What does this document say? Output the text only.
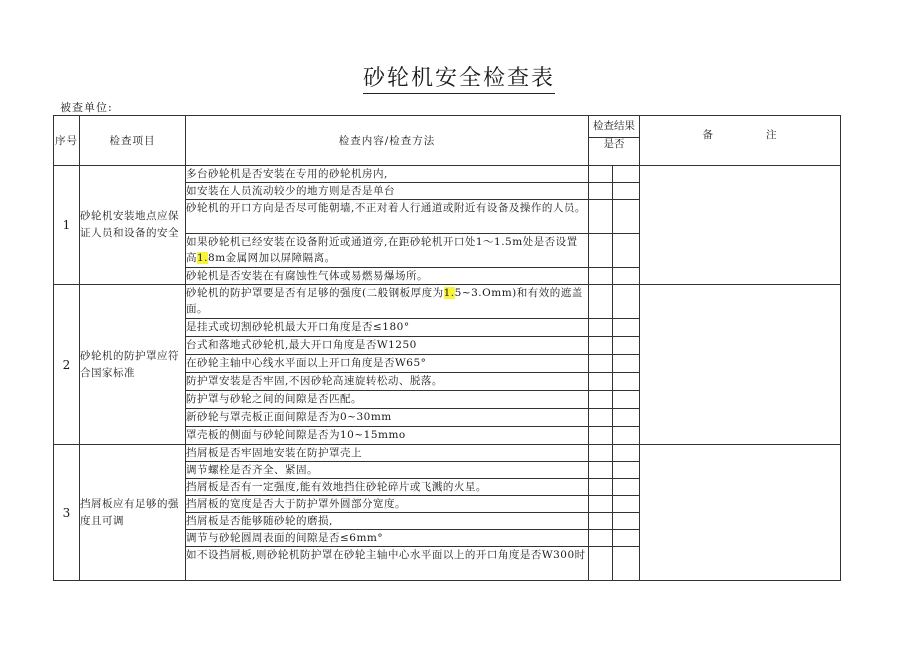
砂轮机安全检查表
被查单位:
序号	检查项目	检查内容/检查方法	检查结果
是否		备 注

1	砂轮机安装地点应保证人员和设备的安全	多台砂轮机是否安装在专用的砂轮机房内,			
		如安装在人员流动较少的地方则是否是单台			
		砂轮机的开口方向是否尽可能朝墙,不正对着人行通道或附近有设备及操作的人员。			
		如果砂轮机已经安装在设备附近或通道旁,在距砂轮机开口处1～1.5m处是否设置高1.8m金属网加以屏障隔离。			
		砂轮机是否安装在有腐蚀性气体或易燃易爆场所。			

2	砂轮机的防护罩应符合国家标准	砂轮机的防护罩要是否有足够的强度(二般钢板厚度为1.5~3.Omm)和有效的遮盖面。			
		是挂式或切割砂轮机最大开口角度是否≤180°			
		台式和落地式砂轮机,最大开口角度是否W1250			
		在砂轮主轴中心线水平面以上开口角度是否W65°			
		防护罩安装是否牢固,不因砂轮高速旋转松动、脱落。			
		防护罩与砂轮之间的间隙是否匹配。			
		新砂轮与罩壳板正面间隙是否为0~30mm			
		罩壳板的侧面与砂轮间隙是否为10~15mmo			
3	挡屑板应有足够的强度且可调	挡屑板是否牢固地安装在防护罩壳上			
		调节螺栓是否齐全、紧固。			
		挡屑板是否有一定强度,能有效地挡住砂轮碎片或飞溅的火星。			
		挡屑板的宽度是否大于防护罩外圆部分宽度。			
		挡屑板是否能够随砂轮的磨损,			
		调节与砂轮圆周表面的间隙是否≤6mm°			
		如不设挡屑板,则砂轮机防护罩在砂轮主轴中心水平面以上的开口角度是否W300时			
